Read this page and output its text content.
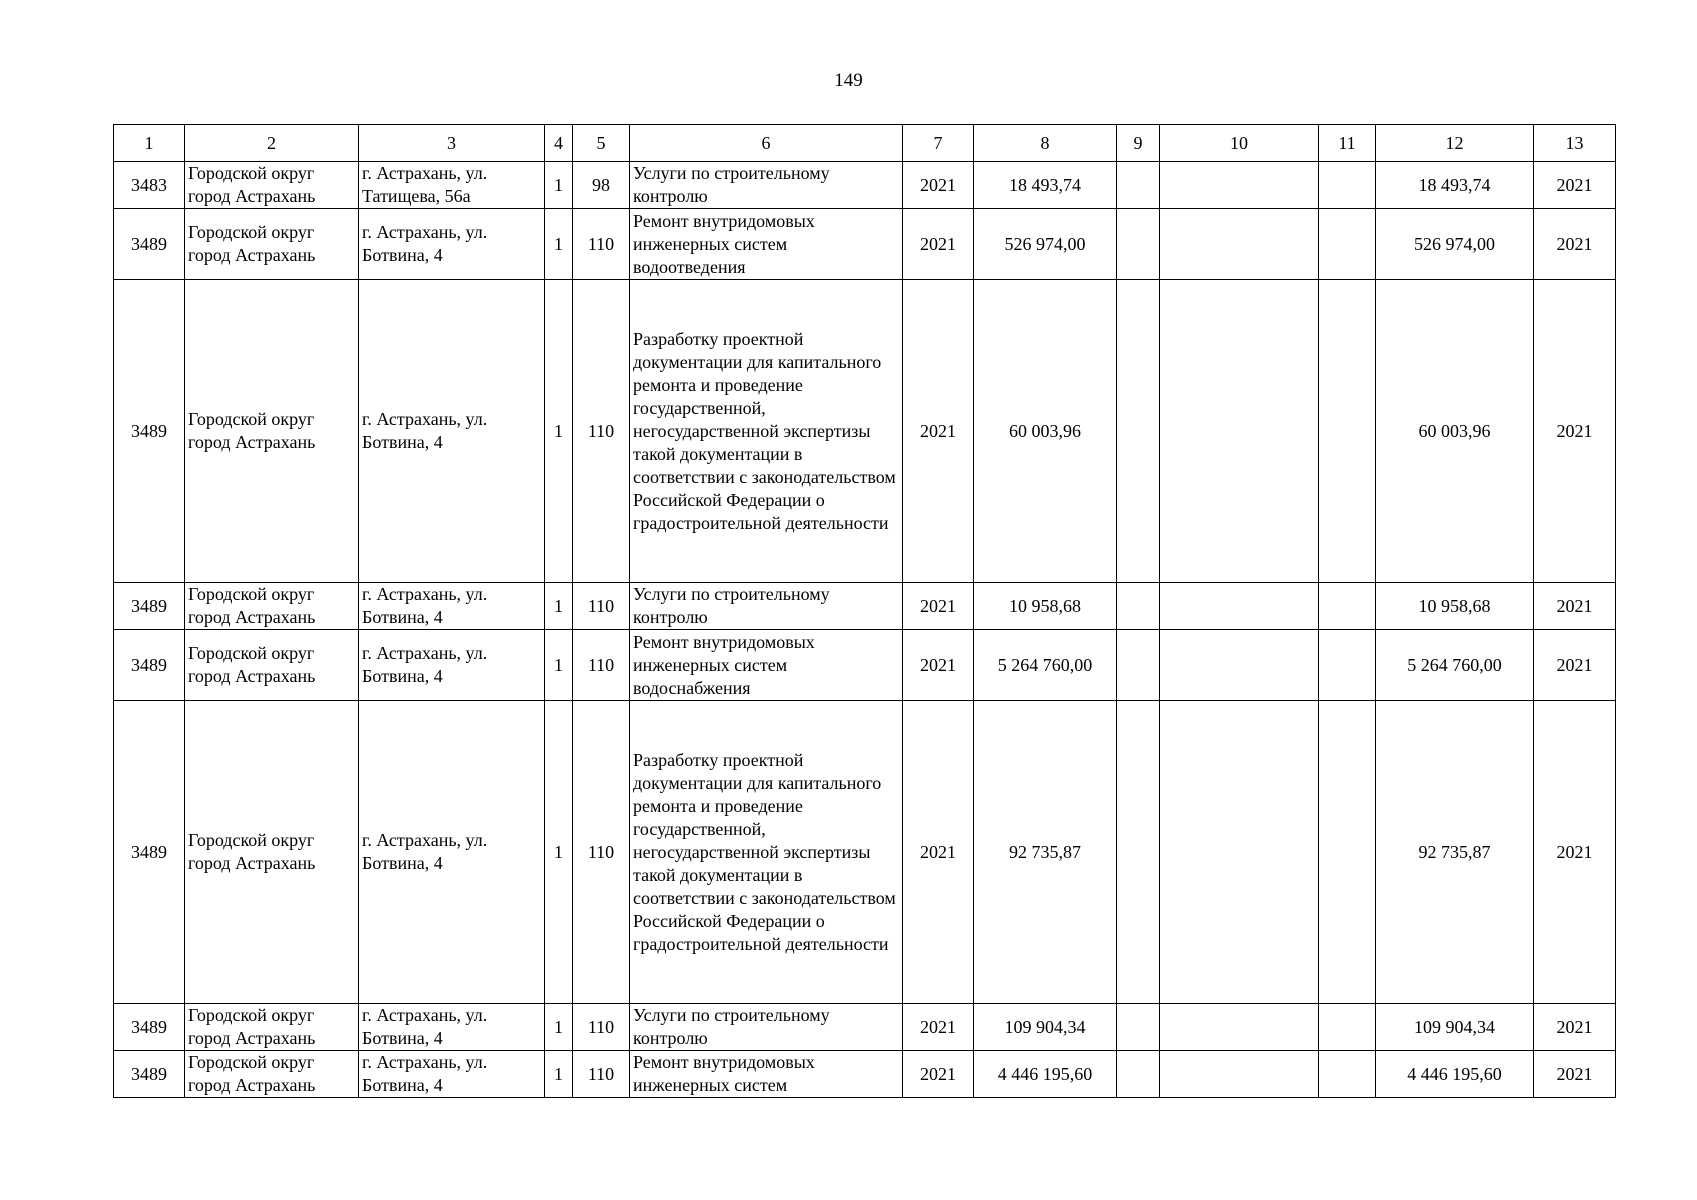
149
1	2	3	4	5	6	7	8	9	10	11	12	13
3483	Городской округ город Астрахань	г. Астрахань, ул. Татищева, 56а	1	98	Услуги по строительному контролю	2021	18 493,74				18 493,74	2021
3489	Городской округ город Астрахань	г. Астрахань, ул. Ботвина, 4	1	110	Ремонт внутридомовых инженерных систем водоотведения	2021	526 974,00				526 974,00	2021
3489	Городской округ город Астрахань	г. Астрахань, ул. Ботвина, 4	1	110	Разработку проектной документации для капитального ремонта и проведение государственной, негосударственной экспертизы такой документации в соответствии с законодательством Российской Федерации о градостроительной деятельности	2021	60 003,96				60 003,96	2021
3489	Городской округ город Астрахань	г. Астрахань, ул. Ботвина, 4	1	110	Услуги по строительному контролю	2021	10 958,68				10 958,68	2021
3489	Городской округ город Астрахань	г. Астрахань, ул. Ботвина, 4	1	110	Ремонт внутридомовых инженерных систем водоснабжения	2021	5 264 760,00				5 264 760,00	2021
3489	Городской округ город Астрахань	г. Астрахань, ул. Ботвина, 4	1	110	Разработку проектной документации для капитального ремонта и проведение государственной, негосударственной экспертизы такой документации в соответствии с законодательством Российской Федерации о градостроительной деятельности	2021	92 735,87				92 735,87	2021
3489	Городской округ город Астрахань	г. Астрахань, ул. Ботвина, 4	1	110	Услуги по строительному контролю	2021	109 904,34				109 904,34	2021
3489	Городской округ город Астрахань	г. Астрахань, ул. Ботвина, 4	1	110	Ремонт внутридомовых инженерных систем	2021	4 446 195,60				4 446 195,60	2021
